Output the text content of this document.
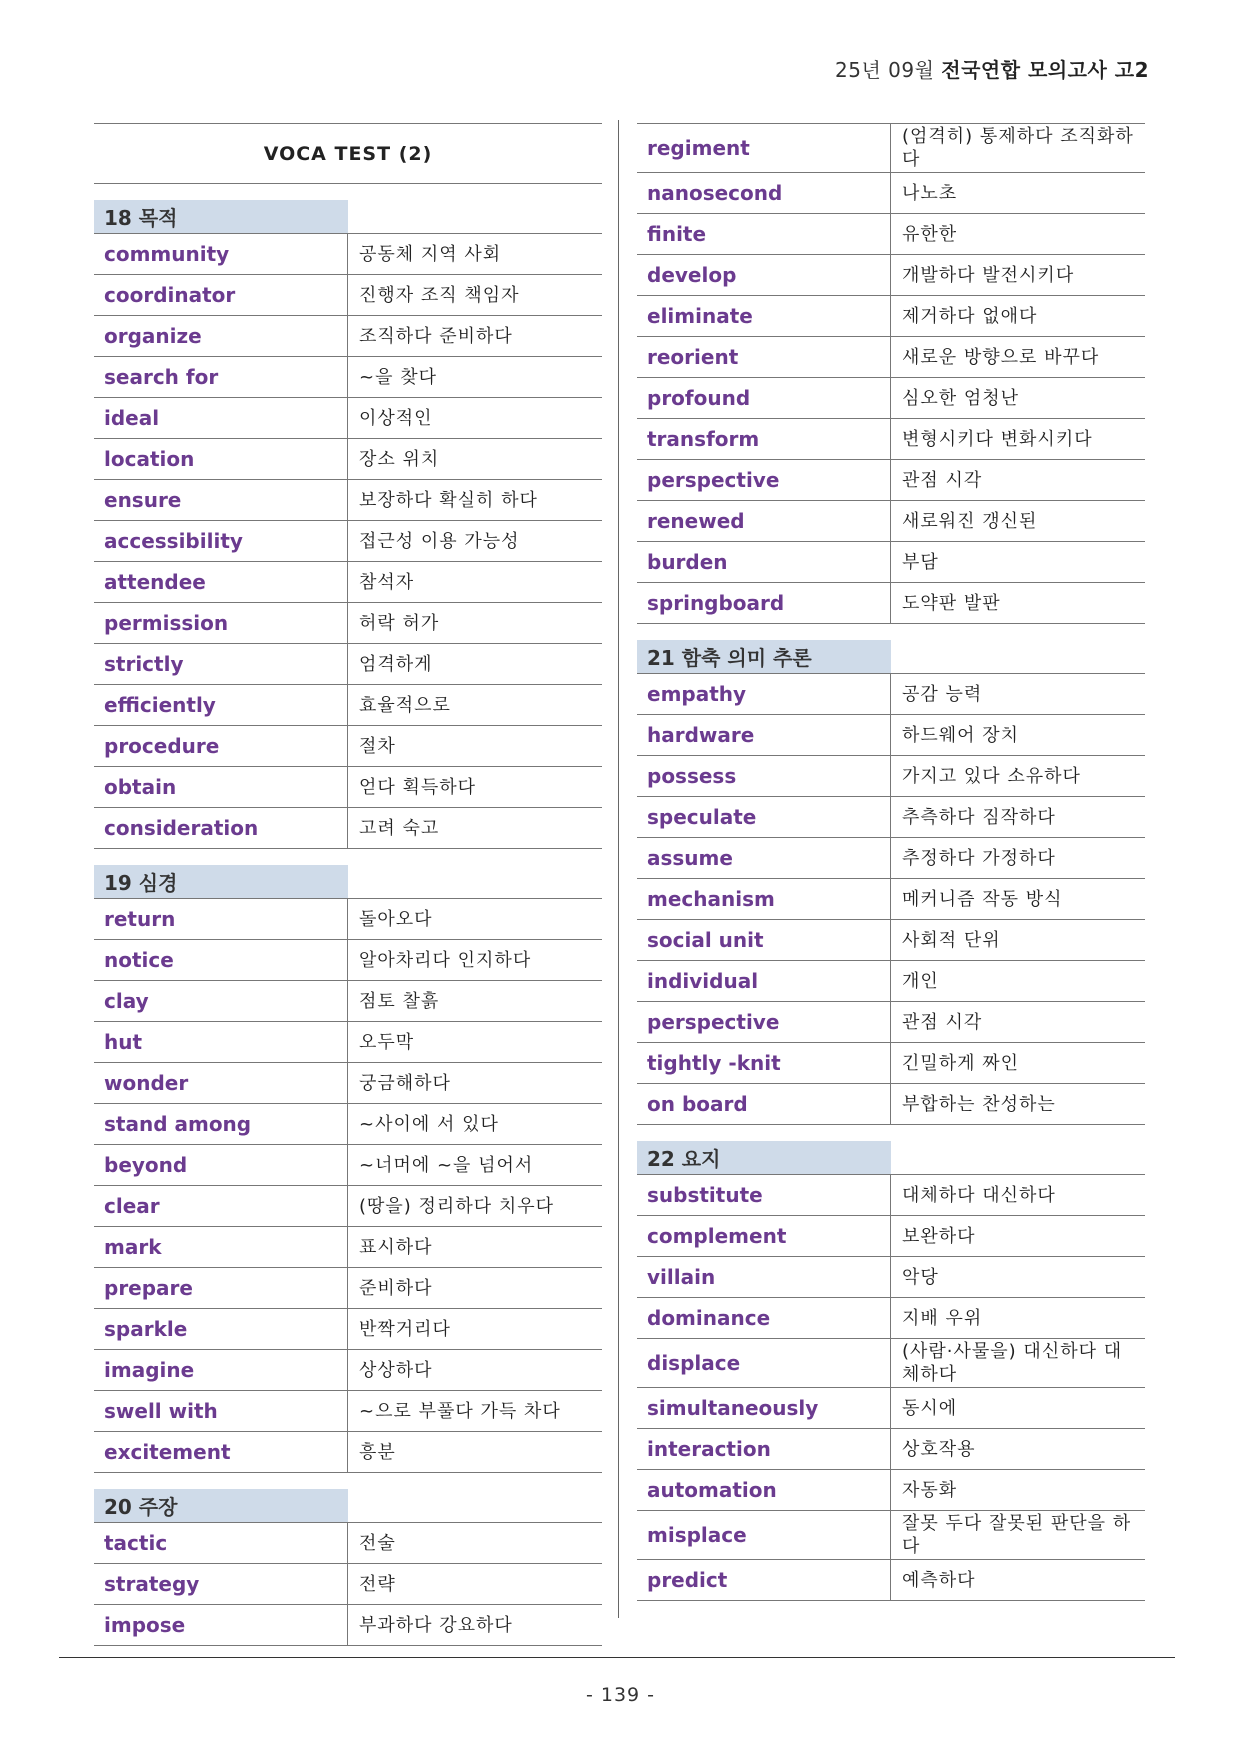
25년 09월 전국연합 모의고사 고2
VOCA TEST (2)
18 목적
community	공동체 지역 사회
coordinator	진행자 조직 책임자
organize	조직하다 준비하다
search for	~을 찾다
ideal	이상적인
location	장소 위치
ensure	보장하다 확실히 하다
accessibility	접근성 이용 가능성
attendee	참석자
permission	허락 허가
strictly	엄격하게
efficiently	효율적으로
procedure	절차
obtain	얻다 획득하다
consideration	고려 숙고
19 심경
return	돌아오다
notice	알아차리다 인지하다
clay	점토 찰흙
hut	오두막
wonder	궁금해하다
stand among	~사이에 서 있다
beyond	~너머에 ~을 넘어서
clear	(땅을) 정리하다 치우다
mark	표시하다
prepare	준비하다
sparkle	반짝거리다
imagine	상상하다
swell with	~으로 부풀다 가득 차다
excitement	흥분
20 주장
tactic	전술
strategy	전략
impose	부과하다 강요하다
regiment	(엄격히) 통제하다 조직화하다
nanosecond	나노초
finite	유한한
develop	개발하다 발전시키다
eliminate	제거하다 없애다
reorient	새로운 방향으로 바꾸다
profound	심오한 엄청난
transform	변형시키다 변화시키다
perspective	관점 시각
renewed	새로워진 갱신된
burden	부담
springboard	도약판 발판
21 함축 의미 추론
empathy	공감 능력
hardware	하드웨어 장치
possess	가지고 있다 소유하다
speculate	추측하다 짐작하다
assume	추정하다 가정하다
mechanism	메커니즘 작동 방식
social unit	사회적 단위
individual	개인
perspective	관점 시각
tightly -knit	긴밀하게 짜인
on board	부합하는 찬성하는
22 요지
substitute	대체하다 대신하다
complement	보완하다
villain	악당
dominance	지배 우위
displace	(사람·사물을) 대신하다 대체하다
simultaneously	동시에
interaction	상호작용
automation	자동화
misplace	잘못 두다 잘못된 판단을 하다
predict	예측하다
- 139 -
